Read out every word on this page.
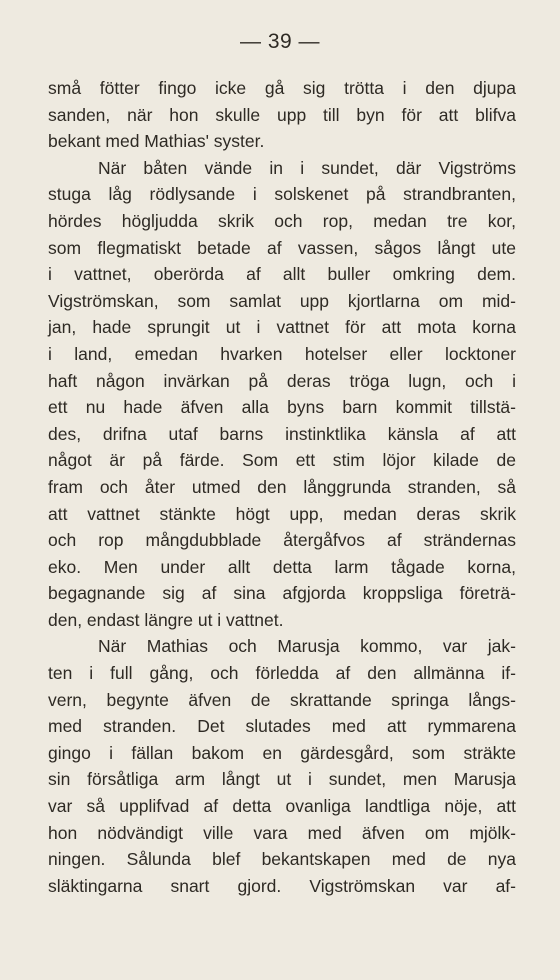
— 39 —
små fötter fingo icke gå sig trötta i den djupa
sanden, när hon skulle upp till byn för att blifva
bekant med Mathias' syster.
När båten vände in i sundet, där Vigströms
stuga låg rödlysande i solskenet på strandbranten,
hördes högljudda skrik och rop, medan tre kor,
som flegmatiskt betade af vassen, sågos långt ute
i vattnet, oberörda af allt buller omkring dem.
Vigströmskan, som samlat upp kjortlarna om mid-
jan, hade sprungit ut i vattnet för att mota korna
i land, emedan hvarken hotelser eller locktoner
haft någon invärkan på deras tröga lugn, och i
ett nu hade äfven alla byns barn kommit tillstä-
des, drifna utaf barns instinktlika känsla af att
något är på färde. Som ett stim löjor kilade de
fram och åter utmed den långgrunda stranden, så
att vattnet stänkte högt upp, medan deras skrik
och rop mångdubblade återgåfvos af strändernas
eko. Men under allt detta larm tågade korna,
begagnande sig af sina afgjorda kroppsliga företrä-
den, endast längre ut i vattnet.
När Mathias och Marusja kommo, var jak-
ten i full gång, och förledda af den allmänna if-
vern, begynte äfven de skrattande springa långs-
med stranden. Det slutades med att rymmarena
gingo i fällan bakom en gärdesgård, som sträkte
sin försåtliga arm långt ut i sundet, men Marusja
var så upplifvad af detta ovanliga landtliga nöje, att
hon nödvändigt ville vara med äfven om mjölk-
ningen. Sålunda blef bekantskapen med de nya
släktingarna snart gjord. Vigströmskan var af-
